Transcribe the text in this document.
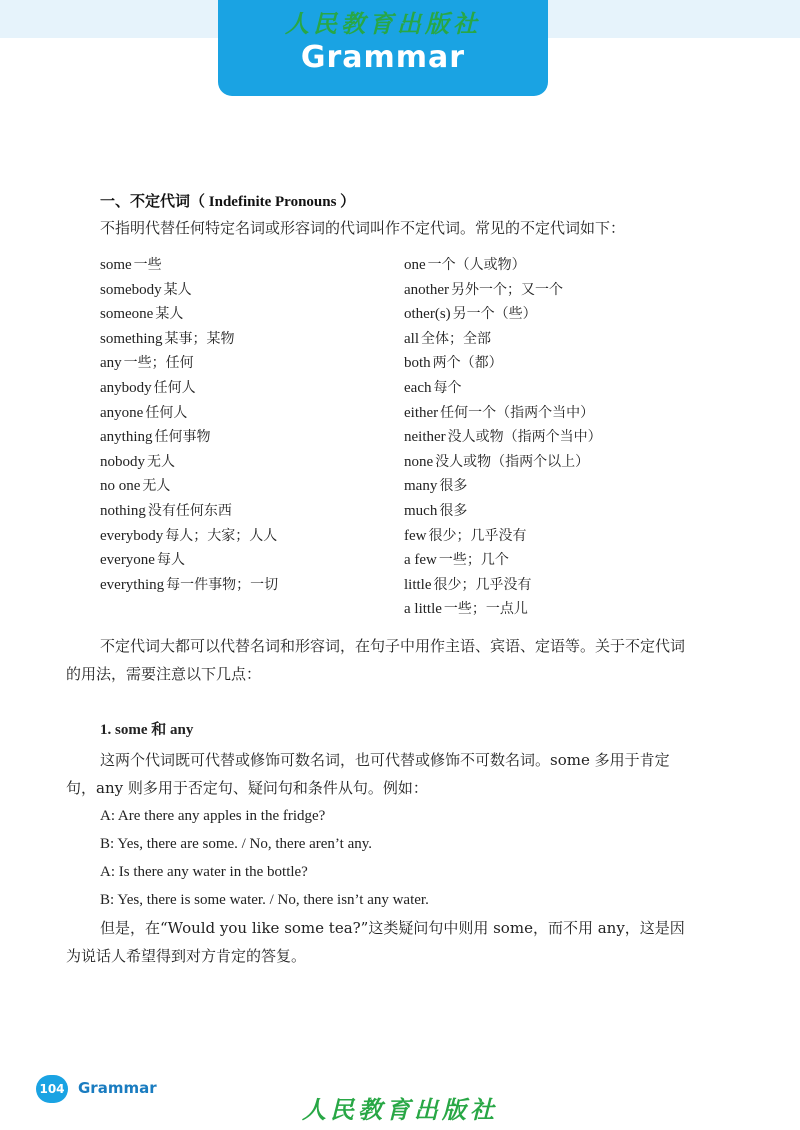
人民教育出版社
Grammar
一、不定代词（ Indefinite Pronouns ）
不指明代替任何特定名词或形容词的代词叫作不定代词。常见的不定代词如下：
some 一些
somebody 某人
someone 某人
something 某事；某物
any 一些；任何
anybody 任何人
anyone 任何人
anything 任何事物
nobody 无人
no one 无人
nothing 没有任何东西
everybody 每人；大家；人人
everyone 每人
everything 每一件事物；一切
one 一个（人或物）
another 另外一个；又一个
other(s) 另一个（些）
all 全体；全部
both 两个（都）
each 每个
either 任何一个（指两个当中）
neither 没人或物（指两个当中）
none 没人或物（指两个以上）
many 很多
much 很多
few 很少；几乎没有
a few 一些；几个
little 很少；几乎没有
a little 一些；一点儿
不定代词大都可以代替名词和形容词，在句子中用作主语、宾语、定语等。关于不定代词的用法，需要注意以下几点：
1. some 和 any
这两个代词既可代替或修饰可数名词，也可代替或修饰不可数名词。some 多用于肯定句，any 则多用于否定句、疑问句和条件从句。例如：
A: Are there any apples in the fridge?
B: Yes, there are some. / No, there aren’t any.
A: Is there any water in the bottle?
B: Yes, there is some water. / No, there isn’t any water.
但是，在“Would you like some tea?”这类疑问句中则用 some，而不用 any，这是因为说话人希望得到对方肯定的答复。
104 Grammar
人民教育出版社
